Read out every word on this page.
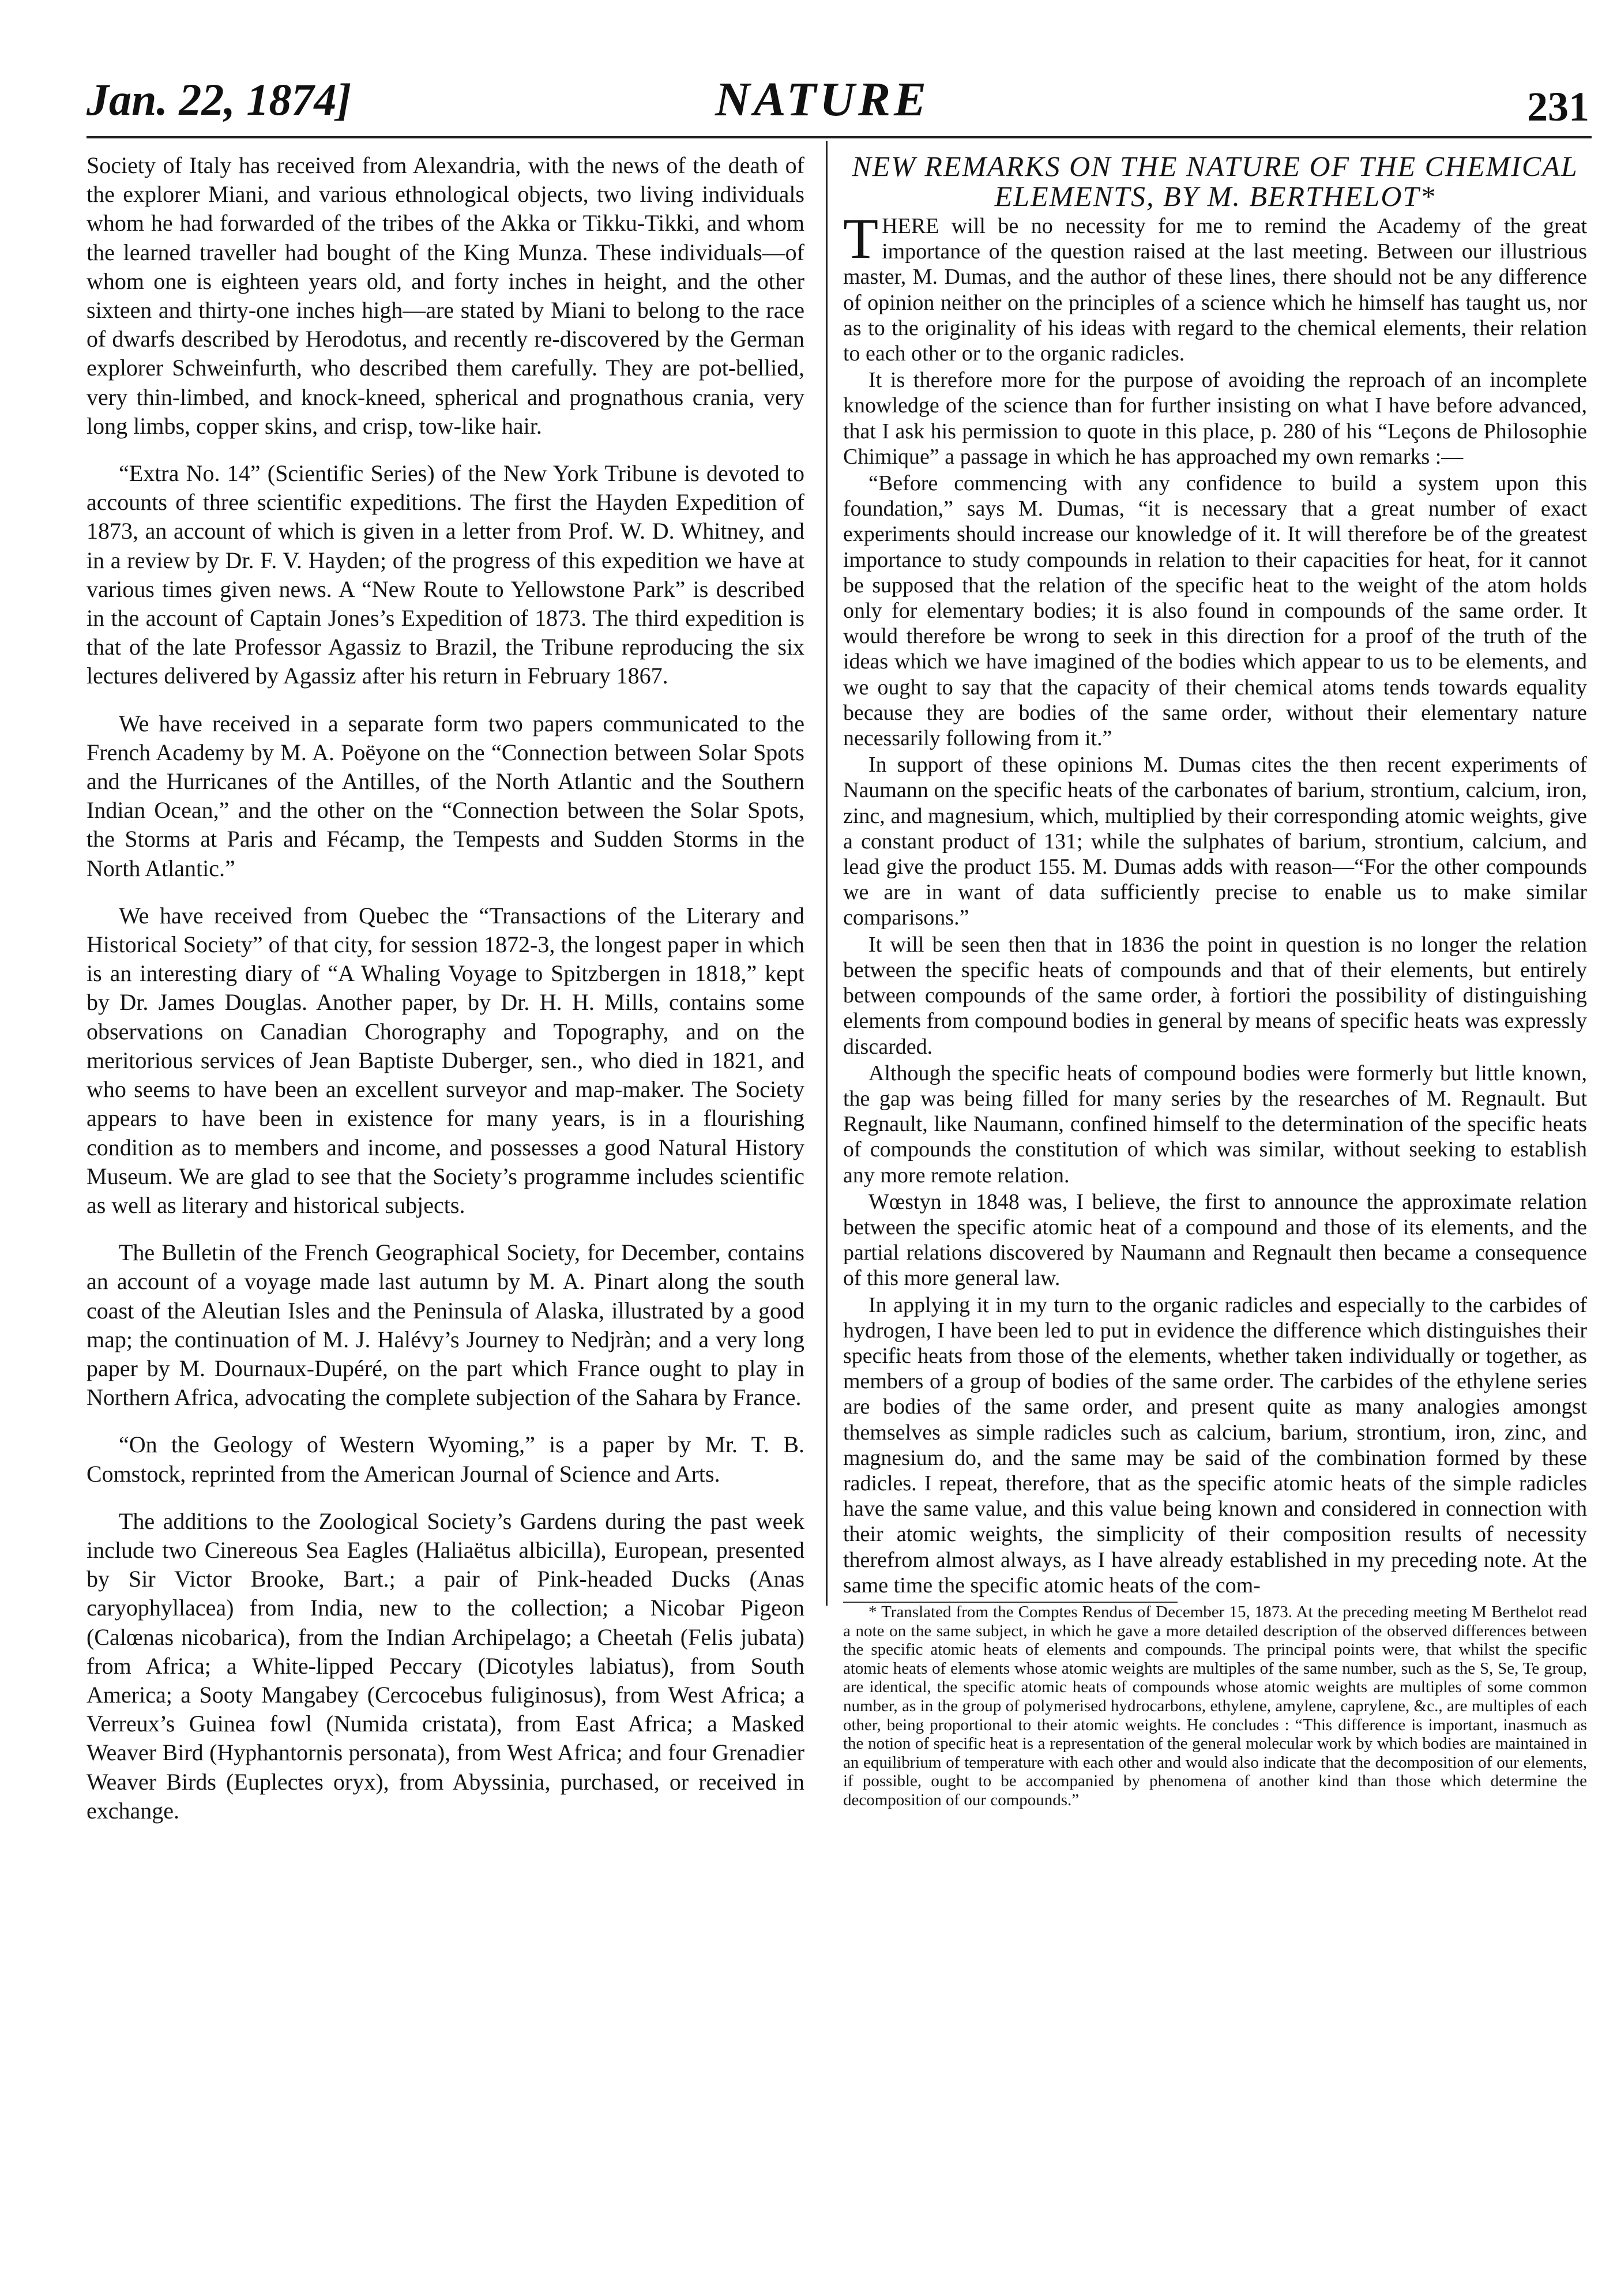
Jan. 22, 1874]	NATURE	231

Society of Italy has received from Alexandria, with the news of the death of the explorer Miani, and various ethnological objects, two living individuals whom he had forwarded of the tribes of the Akka or Tikku-Tikki, and whom the learned traveller had bought of the King Munza. These individuals—of whom one is eighteen years old, and forty inches in height, and the other sixteen and thirty-one inches high—are stated by Miani to belong to the race of dwarfs described by Herodotus, and recently re-discovered by the German explorer Schweinfurth, who described them carefully. They are pot-bellied, very thin-limbed, and knock-kneed, spherical and prognathous crania, very long limbs, copper skins, and crisp, tow-like hair.

“Extra No. 14” (Scientific Series) of the New York Tribune is devoted to accounts of three scientific expeditions. The first the Hayden Expedition of 1873, an account of which is given in a letter from Prof. W. D. Whitney, and in a review by Dr. F. V. Hayden; of the progress of this expedition we have at various times given news. A “New Route to Yellowstone Park” is described in the account of Captain Jones’s Expedition of 1873. The third expedition is that of the late Professor Agassiz to Brazil, the Tribune reproducing the six lectures delivered by Agassiz after his return in February 1867.

We have received in a separate form two papers communicated to the French Academy by M. A. Poëyone on the “Connection between Solar Spots and the Hurricanes of the Antilles, of the North Atlantic and the Southern Indian Ocean,” and the other on the “Connection between the Solar Spots, the Storms at Paris and Fécamp, the Tempests and Sudden Storms in the North Atlantic.”

We have received from Quebec the “Transactions of the Literary and Historical Society” of that city, for session 1872-3, the longest paper in which is an interesting diary of “A Whaling Voyage to Spitzbergen in 1818,” kept by Dr. James Douglas. Another paper, by Dr. H. H. Mills, contains some observations on Canadian Chorography and Topography, and on the meritorious services of Jean Baptiste Duberger, sen., who died in 1821, and who seems to have been an excellent surveyor and map-maker. The Society appears to have been in existence for many years, is in a flourishing condition as to members and income, and possesses a good Natural History Museum. We are glad to see that the Society’s programme includes scientific as well as literary and historical subjects.

The Bulletin of the French Geographical Society, for December, contains an account of a voyage made last autumn by M. A. Pinart along the south coast of the Aleutian Isles and the Peninsula of Alaska, illustrated by a good map; the continuation of M. J. Halévy’s Journey to Nedjràn; and a very long paper by M. Dournaux-Dupéré, on the part which France ought to play in Northern Africa, advocating the complete subjection of the Sahara by France.

“On the Geology of Western Wyoming,” is a paper by Mr. T. B. Comstock, reprinted from the American Journal of Science and Arts.

The additions to the Zoological Society’s Gardens during the past week include two Cinereous Sea Eagles (Haliaëtus albicilla), European, presented by Sir Victor Brooke, Bart.; a pair of Pink-headed Ducks (Anas caryophyllacea) from India, new to the collection; a Nicobar Pigeon (Calœnas nicobarica), from the Indian Archipelago; a Cheetah (Felis jubata) from Africa; a White-lipped Peccary (Dicotyles labiatus), from South America; a Sooty Mangabey (Cercocebus fuliginosus), from West Africa; a Verreux’s Guinea fowl (Numida cristata), from East Africa; a Masked Weaver Bird (Hyphantornis personata), from West Africa; and four Grenadier Weaver Birds (Euplectes oryx), from Abyssinia, purchased, or received in exchange.

NEW REMARKS ON THE NATURE OF THE CHEMICAL ELEMENTS, BY M. BERTHELOT*

THERE will be no necessity for me to remind the Academy of the great importance of the question raised at the last meeting. Between our illustrious master, M. Dumas, and the author of these lines, there should not be any difference of opinion neither on the principles of a science which he himself has taught us, nor as to the originality of his ideas with regard to the chemical elements, their relation to each other or to the organic radicles.

It is therefore more for the purpose of avoiding the reproach of an incomplete knowledge of the science than for further insisting on what I have before advanced, that I ask his permission to quote in this place, p. 280 of his “Leçons de Philosophie Chimique” a passage in which he has approached my own remarks :—

“Before commencing with any confidence to build a system upon this foundation,” says M. Dumas, “it is necessary that a great number of exact experiments should increase our knowledge of it. It will therefore be of the greatest importance to study compounds in relation to their capacities for heat, for it cannot be supposed that the relation of the specific heat to the weight of the atom holds only for elementary bodies; it is also found in compounds of the same order. It would therefore be wrong to seek in this direction for a proof of the truth of the ideas which we have imagined of the bodies which appear to us to be elements, and we ought to say that the capacity of their chemical atoms tends towards equality because they are bodies of the same order, without their elementary nature necessarily following from it.”

In support of these opinions M. Dumas cites the then recent experiments of Naumann on the specific heats of the carbonates of barium, strontium, calcium, iron, zinc, and magnesium, which, multiplied by their corresponding atomic weights, give a constant product of 131; while the sulphates of barium, strontium, calcium, and lead give the product 155. M. Dumas adds with reason—“For the other compounds we are in want of data sufficiently precise to enable us to make similar comparisons.”

It will be seen then that in 1836 the point in question is no longer the relation between the specific heats of compounds and that of their elements, but entirely between compounds of the same order, à fortiori the possibility of distinguishing elements from compound bodies in general by means of specific heats was expressly discarded.

Although the specific heats of compound bodies were formerly but little known, the gap was being filled for many series by the researches of M. Regnault. But Regnault, like Naumann, confined himself to the determination of the specific heats of compounds the constitution of which was similar, without seeking to establish any more remote relation.

Wœstyn in 1848 was, I believe, the first to announce the approximate relation between the specific atomic heat of a compound and those of its elements, and the partial relations discovered by Naumann and Regnault then became a consequence of this more general law.

In applying it in my turn to the organic radicles and especially to the carbides of hydrogen, I have been led to put in evidence the difference which distinguishes their specific heats from those of the elements, whether taken individually or together, as members of a group of bodies of the same order. The carbides of the ethylene series are bodies of the same order, and present quite as many analogies amongst themselves as simple radicles such as calcium, barium, strontium, iron, zinc, and magnesium do, and the same may be said of the combination formed by these radicles. I repeat, therefore, that as the specific atomic heats of the simple radicles have the same value, and this value being known and considered in connection with their atomic weights, the simplicity of their composition results of necessity therefrom almost always, as I have already established in my preceding note. At the same time the specific atomic heats of the com-

* Translated from the Comptes Rendus of December 15, 1873. At the preceding meeting M Berthelot read a note on the same subject, in which he gave a more detailed description of the observed differences between the specific atomic heats of elements and compounds. The principal points were, that whilst the specific atomic heats of elements whose atomic weights are multiples of the same number, such as the S, Se, Te group, are identical, the specific atomic heats of compounds whose atomic weights are multiples of some common number, as in the group of polymerised hydrocarbons, ethylene, amylene, caprylene, &c., are multiples of each other, being proportional to their atomic weights. He concludes : “This difference is important, inasmuch as the notion of specific heat is a representation of the general molecular work by which bodies are maintained in an equilibrium of temperature with each other and would also indicate that the decomposition of our elements, if possible, ought to be accompanied by phenomena of another kind than those which determine the decomposition of our compounds.”
